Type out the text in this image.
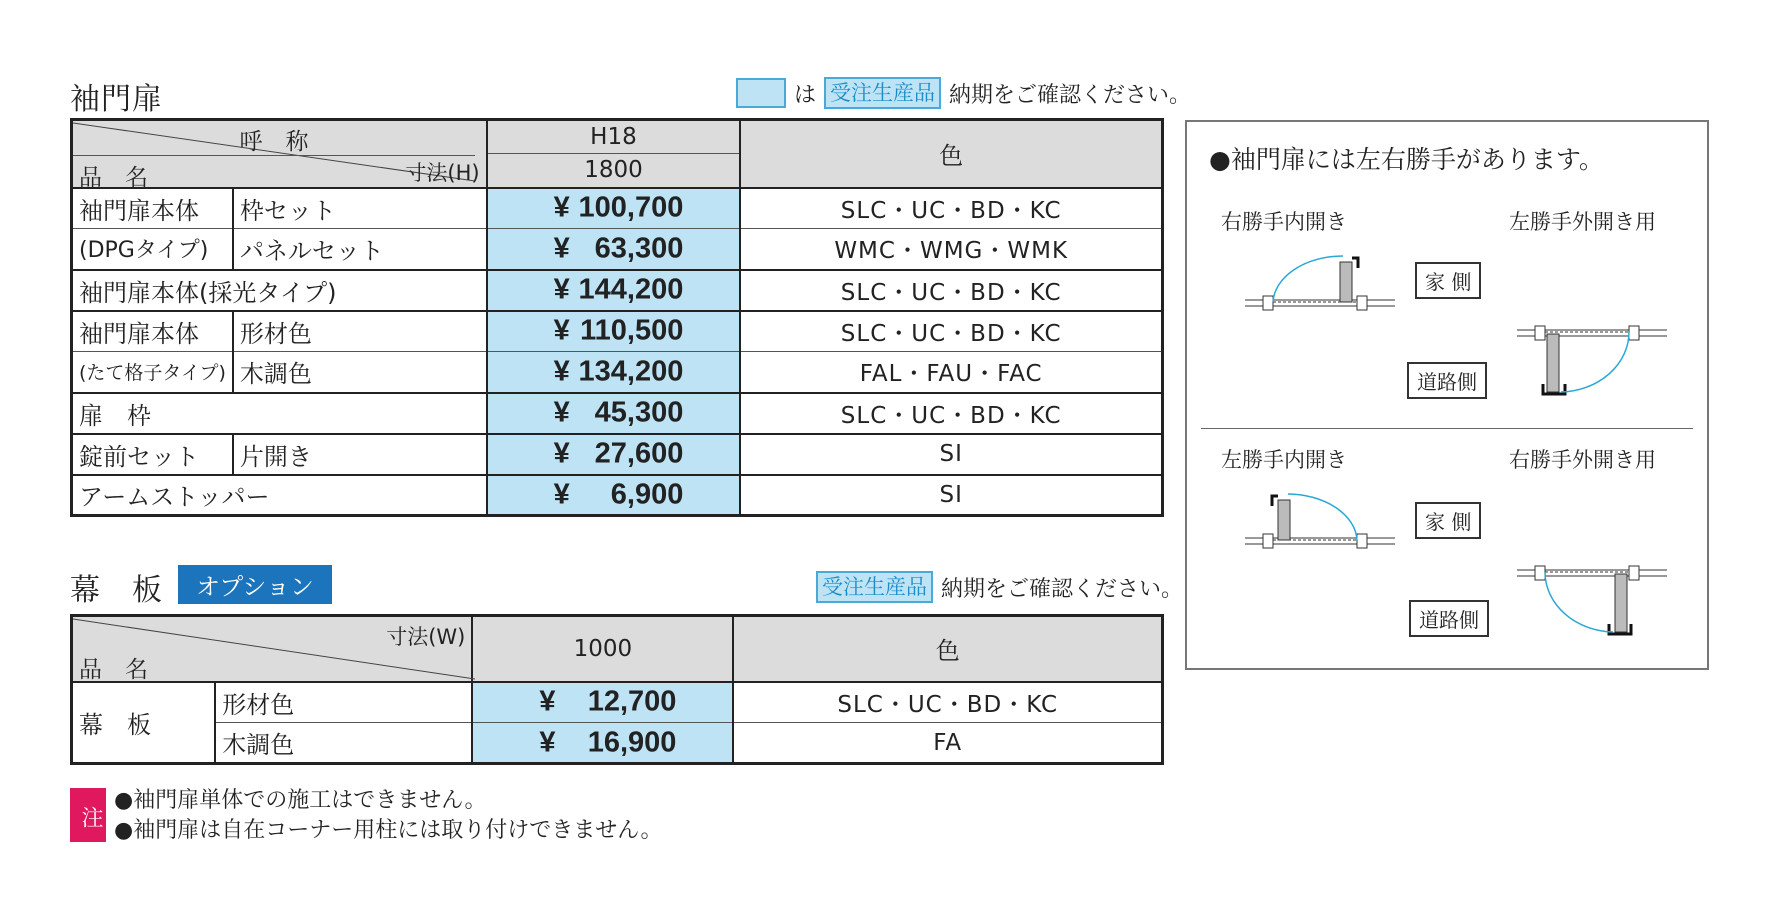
袖門扉	は 受注生産品 納期をご確認ください。
呼　称
品　名 寸法(H)		H18	色
		1800	
袖門扉本体	枠セット	¥ 100,700	SLC・UC・BD・KC
(DPGタイプ)	パネルセット	¥ 63,300	WMC・WMG・WMK
袖門扉本体(採光タイプ)		¥ 144,200	SLC・UC・BD・KC
袖門扉本体	形材色	¥ 110,500	SLC・UC・BD・KC
(たて格子タイプ)	木調色	¥ 134,200	FAL・FAU・FAC
扉　枠		¥ 45,300	SLC・UC・BD・KC
錠前セット	片開き	¥ 27,600	SI
アームストッパー		¥ 6,900	SI
幕　板	オプション	受注生産品 納期をご確認ください。
寸法(W)
品　名		1000	色
幕　板	形材色	¥ 12,700	SLC・UC・BD・KC
	木調色	¥ 16,900	FA
注
●袖門扉単体での施工はできません。
●袖門扉は自在コーナー用柱には取り付けできません。
●袖門扉には左右勝手があります。
右勝手内開き	左勝手外開き用
家 側
道路側
左勝手内開き	右勝手外開き用
家 側
道路側
